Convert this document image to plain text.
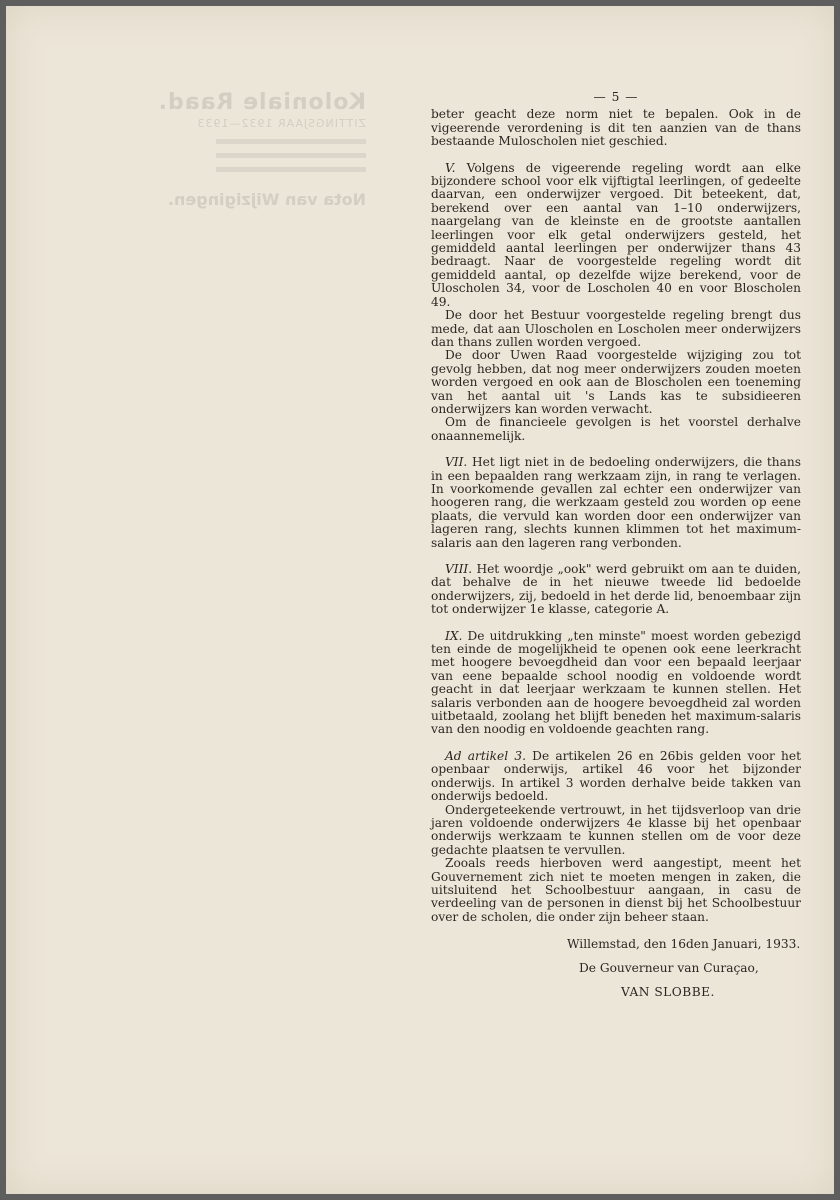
Koloniale Raad.
ZITTINGSJAAR 1932—1933
Nota van Wijzigingen.
— 5 —

beter geacht deze norm niet te bepalen. Ook in de vigeerende verordening is dit ten aanzien van de thans bestaande Muloscholen niet geschied.

V. Volgens de vigeerende regeling wordt aan elke bijzondere school voor elk vijftigtal leerlingen, of gedeelte daarvan, een onderwijzer vergoed. Dit beteekent, dat, berekend over een aantal van 1–10 onderwijzers, naargelang van de kleinste en de grootste aantallen leerlingen voor elk getal onderwijzers gesteld, het gemiddeld aantal leerlingen per onderwijzer thans 43 bedraagt. Naar de voorgestelde regeling wordt dit gemiddeld aantal, op dezelfde wijze berekend, voor de Uloscholen 34, voor de Loscholen 40 en voor Bloscholen 49.

De door het Bestuur voorgestelde regeling brengt dus mede, dat aan Uloscholen en Loscholen meer onderwijzers dan thans zullen worden vergoed.

De door Uwen Raad voorgestelde wijziging zou tot gevolg hebben, dat nog meer onderwijzers zouden moeten worden vergoed en ook aan de Bloscholen een toeneming van het aantal uit 's Lands kas te subsidieeren onderwijzers kan worden verwacht.

Om de financieele gevolgen is het voorstel derhalve onaannemelijk.

VII. Het ligt niet in de bedoeling onderwijzers, die thans in een bepaalden rang werkzaam zijn, in rang te verlagen. In voorkomende gevallen zal echter een onderwijzer van hoogeren rang, die werkzaam gesteld zou worden op eene plaats, die vervuld kan worden door een onderwijzer van lageren rang, slechts kunnen klimmen tot het maximum-salaris aan den lageren rang verbonden.

VIII. Het woordje „ook" werd gebruikt om aan te duiden, dat behalve de in het nieuwe tweede lid bedoelde onderwijzers, zij, bedoeld in het derde lid, benoembaar zijn tot onderwijzer 1e klasse, categorie A.

IX. De uitdrukking „ten minste" moest worden gebezigd ten einde de mogelijkheid te openen ook eene leerkracht met hoogere bevoegdheid dan voor een bepaald leerjaar van eene bepaalde school noodig en voldoende wordt geacht in dat leerjaar werkzaam te kunnen stellen. Het salaris verbonden aan de hoogere bevoegdheid zal worden uitbetaald, zoolang het blijft beneden het maximum-salaris van den noodig en voldoende geachten rang.

Ad artikel 3. De artikelen 26 en 26bis gelden voor het openbaar onderwijs, artikel 46 voor het bijzonder onderwijs. In artikel 3 worden derhalve beide takken van onderwijs bedoeld.

Ondergeteekende vertrouwt, in het tijdsverloop van drie jaren voldoende onderwijzers 4e klasse bij het openbaar onderwijs werkzaam te kunnen stellen om de voor deze gedachte plaatsen te vervullen.

Zooals reeds hierboven werd aangestipt, meent het Gouvernement zich niet te moeten mengen in zaken, die uitsluitend het Schoolbestuur aangaan, in casu de verdeeling van de personen in dienst bij het Schoolbestuur over de scholen, die onder zijn beheer staan.

Willemstad, den 16den Januari, 1933.
De Gouverneur van Curaçao,
VAN SLOBBE.
